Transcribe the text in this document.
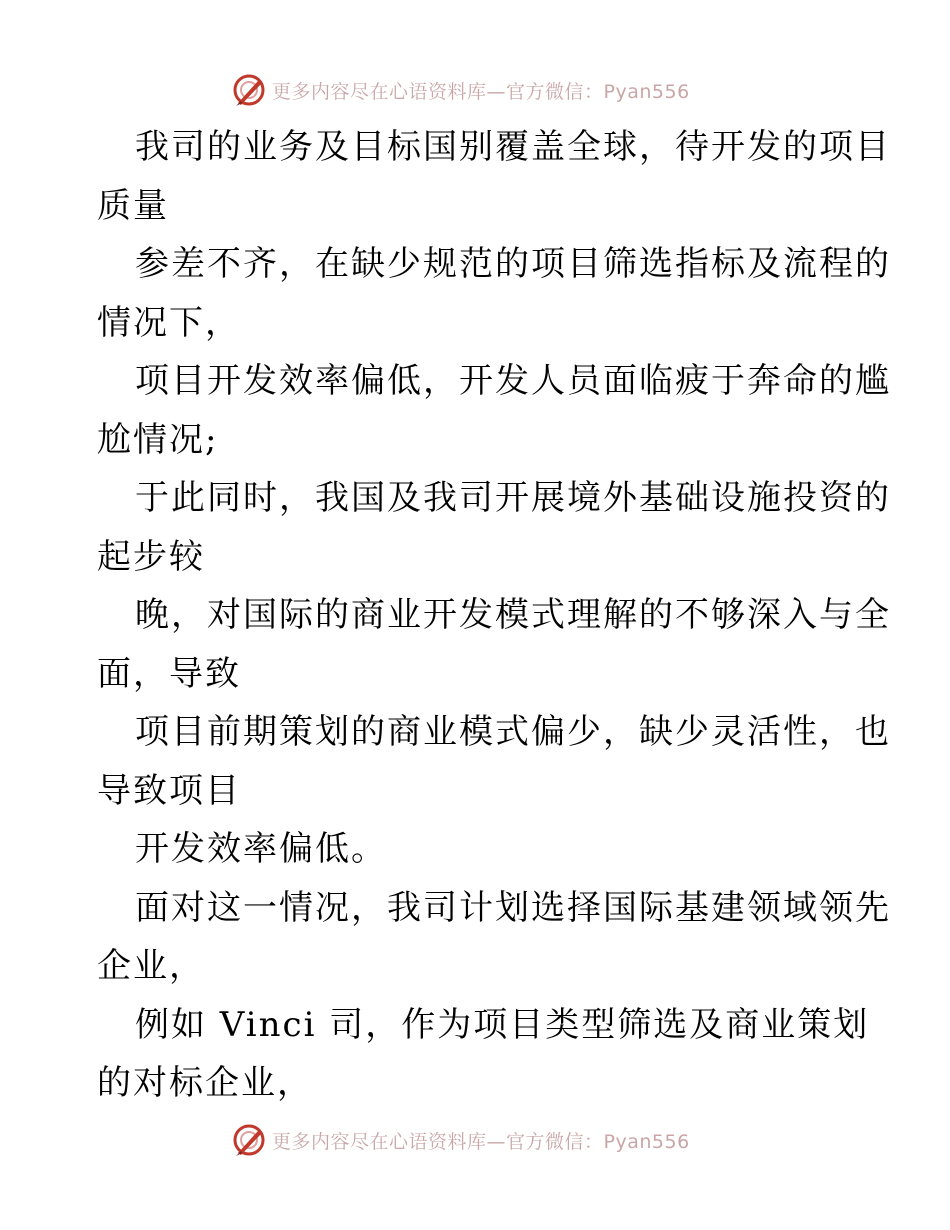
更多内容尽在心语资料库—官方微信：Pyan556
我司的业务及目标国别覆盖全球，待开发的项目
质量
参差不齐，在缺少规范的项目筛选指标及流程的
情况下，
项目开发效率偏低，开发人员面临疲于奔命的尴
尬情况;
于此同时，我国及我司开展境外基础设施投资的
起步较
晚，对国际的商业开发模式理解的不够深入与全
面，导致
项目前期策划的商业模式偏少，缺少灵活性，也
导致项目
开发效率偏低。
面对这一情况，我司计划选择国际基建领域领先
企业，
例如 Vinci 司，作为项目类型筛选及商业策划
的对标企业，
更多内容尽在心语资料库—官方微信：Pyan556
